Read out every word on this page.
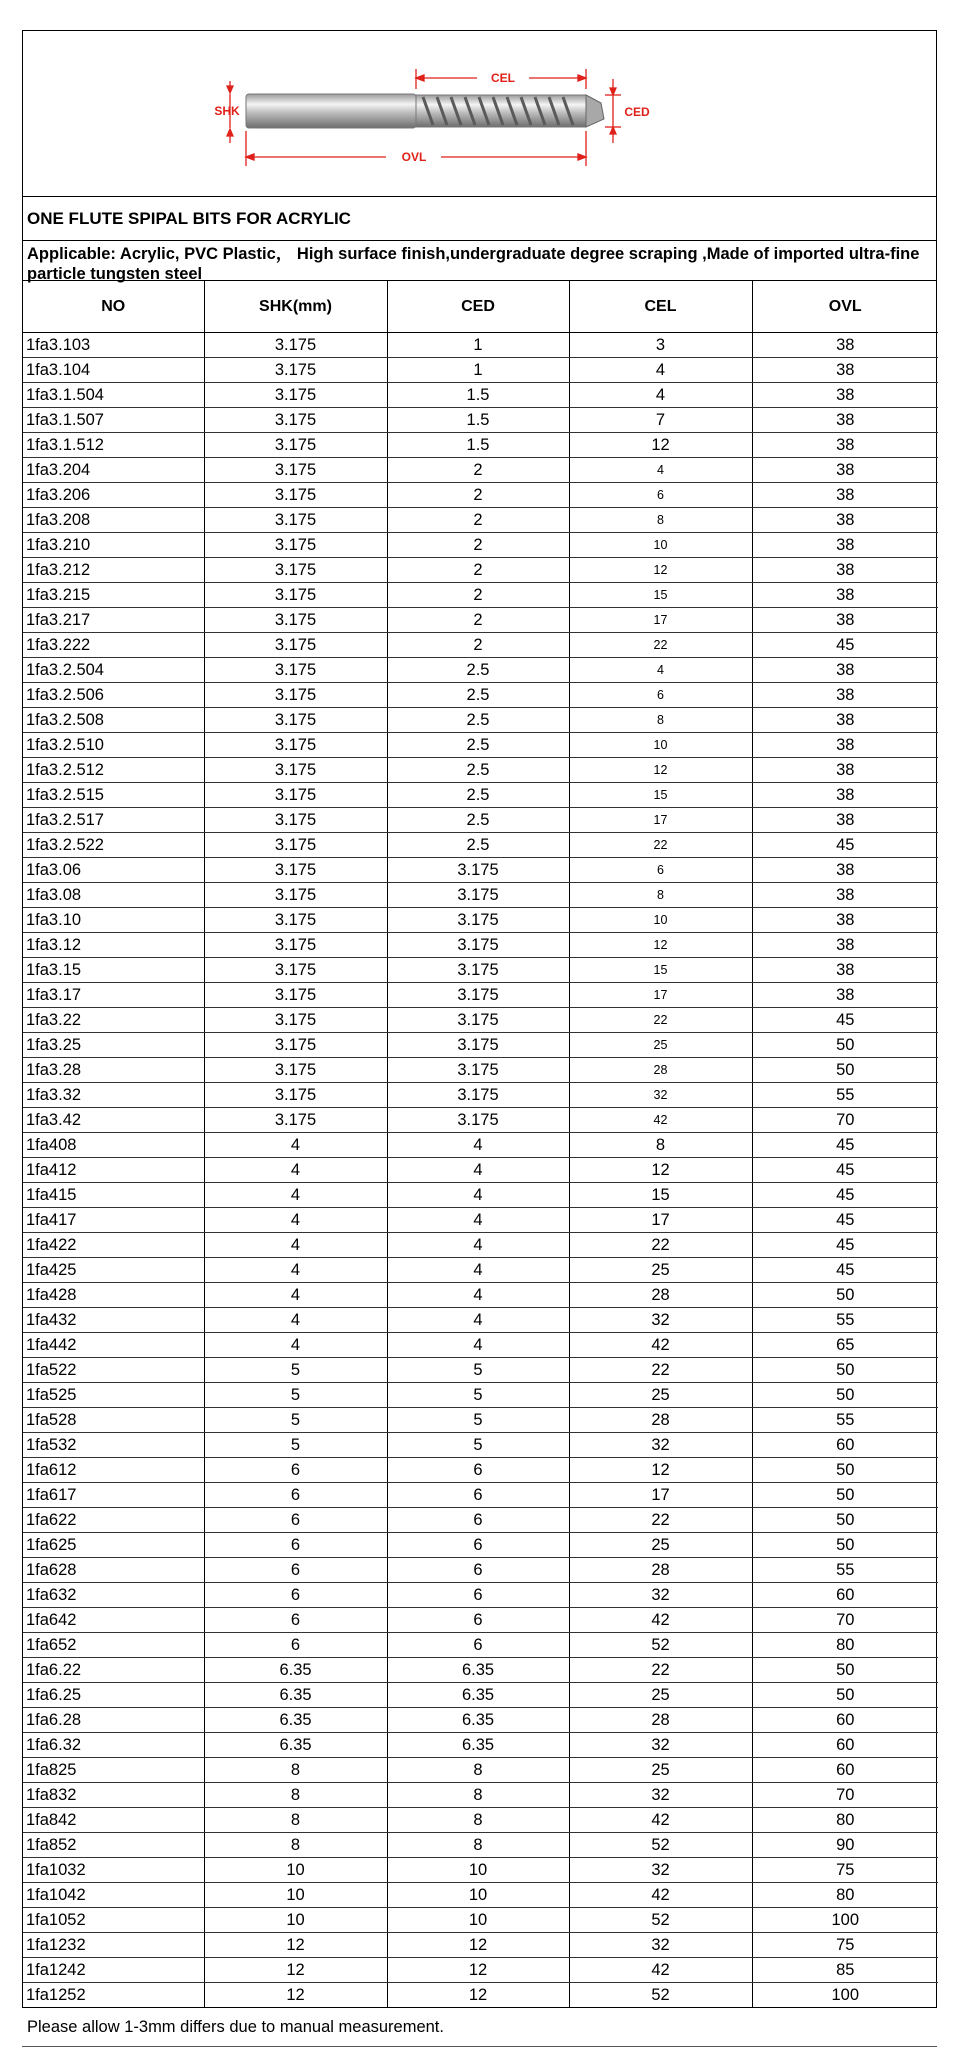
CEL
SHK	CED
OVL
ONE FLUTE SPIPAL BITS FOR ACRYLIC
Applicable: Acrylic, PVC Plastic， High surface finish,undergraduate degree scraping ,Made of imported ultra-fine particle tungsten steel
NO	SHK(mm)	CED	CEL	OVL
1fa3.103	3.175	1	3	38
1fa3.104	3.175	1	4	38
1fa3.1.504	3.175	1.5	4	38
1fa3.1.507	3.175	1.5	7	38
1fa3.1.512	3.175	1.5	12	38
1fa3.204	3.175	2	4	38
1fa3.206	3.175	2	6	38
1fa3.208	3.175	2	8	38
1fa3.210	3.175	2	10	38
1fa3.212	3.175	2	12	38
1fa3.215	3.175	2	15	38
1fa3.217	3.175	2	17	38
1fa3.222	3.175	2	22	45
1fa3.2.504	3.175	2.5	4	38
1fa3.2.506	3.175	2.5	6	38
1fa3.2.508	3.175	2.5	8	38
1fa3.2.510	3.175	2.5	10	38
1fa3.2.512	3.175	2.5	12	38
1fa3.2.515	3.175	2.5	15	38
1fa3.2.517	3.175	2.5	17	38
1fa3.2.522	3.175	2.5	22	45
1fa3.06	3.175	3.175	6	38
1fa3.08	3.175	3.175	8	38
1fa3.10	3.175	3.175	10	38
1fa3.12	3.175	3.175	12	38
1fa3.15	3.175	3.175	15	38
1fa3.17	3.175	3.175	17	38
1fa3.22	3.175	3.175	22	45
1fa3.25	3.175	3.175	25	50
1fa3.28	3.175	3.175	28	50
1fa3.32	3.175	3.175	32	55
1fa3.42	3.175	3.175	42	70
1fa408	4	4	8	45
1fa412	4	4	12	45
1fa415	4	4	15	45
1fa417	4	4	17	45
1fa422	4	4	22	45
1fa425	4	4	25	45
1fa428	4	4	28	50
1fa432	4	4	32	55
1fa442	4	4	42	65
1fa522	5	5	22	50
1fa525	5	5	25	50
1fa528	5	5	28	55
1fa532	5	5	32	60
1fa612	6	6	12	50
1fa617	6	6	17	50
1fa622	6	6	22	50
1fa625	6	6	25	50
1fa628	6	6	28	55
1fa632	6	6	32	60
1fa642	6	6	42	70
1fa652	6	6	52	80
1fa6.22	6.35	6.35	22	50
1fa6.25	6.35	6.35	25	50
1fa6.28	6.35	6.35	28	60
1fa6.32	6.35	6.35	32	60
1fa825	8	8	25	60
1fa832	8	8	32	70
1fa842	8	8	42	80
1fa852	8	8	52	90
1fa1032	10	10	32	75
1fa1042	10	10	42	80
1fa1052	10	10	52	100
1fa1232	12	12	32	75
1fa1242	12	12	42	85
1fa1252	12	12	52	100
Please allow 1-3mm differs due to manual measurement.
